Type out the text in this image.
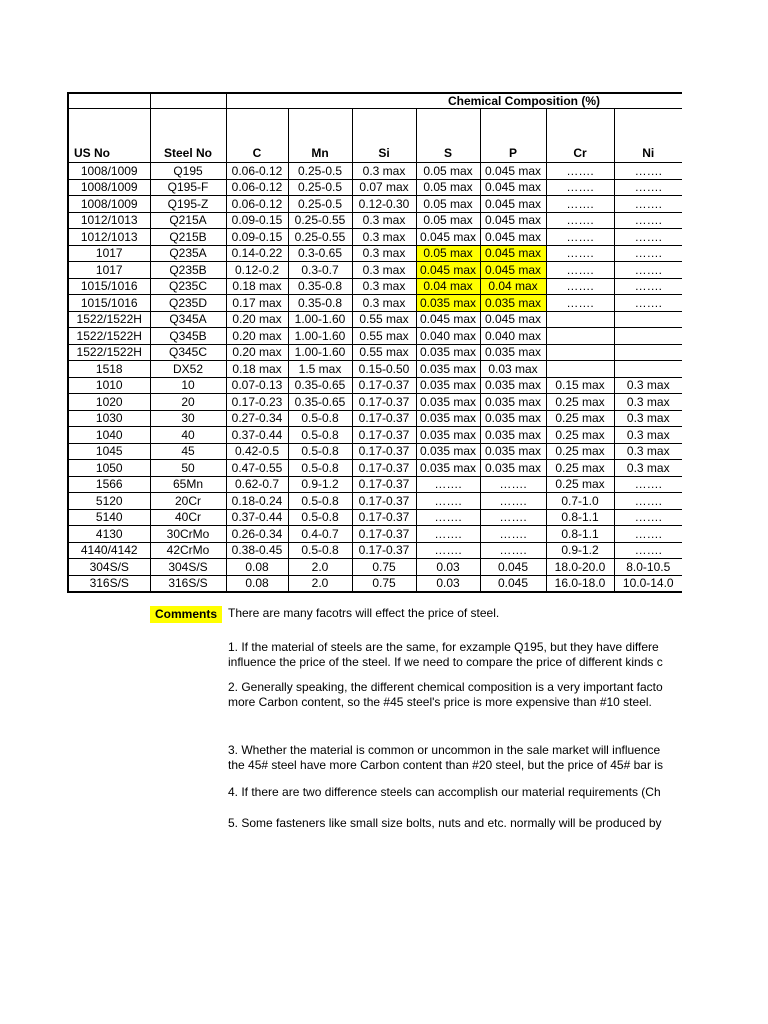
		Chemical Composition (%)						
US No	Steel No	C	Mn	Si	S	P	Cr	Ni
1008/1009	Q195	0.06-0.12	0.25-0.5	0.3 max	0.05 max	0.045 max	…….	…….
1008/1009	Q195-F	0.06-0.12	0.25-0.5	0.07 max	0.05 max	0.045 max	…….	…….
1008/1009	Q195-Z	0.06-0.12	0.25-0.5	0.12-0.30	0.05 max	0.045 max	…….	…….
1012/1013	Q215A	0.09-0.15	0.25-0.55	0.3 max	0.05 max	0.045 max	…….	…….
1012/1013	Q215B	0.09-0.15	0.25-0.55	0.3 max	0.045 max	0.045 max	…….	…….
1017	Q235A	0.14-0.22	0.3-0.65	0.3 max	0.05 max	0.045 max	…….	…….
1017	Q235B	0.12-0.2	0.3-0.7	0.3 max	0.045 max	0.045 max	…….	…….
1015/1016	Q235C	0.18 max	0.35-0.8	0.3 max	0.04 max	0.04 max	…….	…….
1015/1016	Q235D	0.17 max	0.35-0.8	0.3 max	0.035 max	0.035 max	…….	…….
1522/1522H	Q345A	0.20 max	1.00-1.60	0.55 max	0.045 max	0.045 max		
1522/1522H	Q345B	0.20 max	1.00-1.60	0.55 max	0.040 max	0.040 max		
1522/1522H	Q345C	0.20 max	1.00-1.60	0.55 max	0.035 max	0.035 max		
1518	DX52	0.18 max	1.5 max	0.15-0.50	0.035 max	0.03 max		
1010	10	0.07-0.13	0.35-0.65	0.17-0.37	0.035 max	0.035 max	0.15 max	0.3 max
1020	20	0.17-0.23	0.35-0.65	0.17-0.37	0.035 max	0.035 max	0.25 max	0.3 max
1030	30	0.27-0.34	0.5-0.8	0.17-0.37	0.035 max	0.035 max	0.25 max	0.3 max
1040	40	0.37-0.44	0.5-0.8	0.17-0.37	0.035 max	0.035 max	0.25 max	0.3 max
1045	45	0.42-0.5	0.5-0.8	0.17-0.37	0.035 max	0.035 max	0.25 max	0.3 max
1050	50	0.47-0.55	0.5-0.8	0.17-0.37	0.035 max	0.035 max	0.25 max	0.3 max
1566	65Mn	0.62-0.7	0.9-1.2	0.17-0.37	…….	…….	0.25 max	…….
5120	20Cr	0.18-0.24	0.5-0.8	0.17-0.37	…….	…….	0.7-1.0	…….
5140	40Cr	0.37-0.44	0.5-0.8	0.17-0.37	…….	…….	0.8-1.1	…….
4130	30CrMo	0.26-0.34	0.4-0.7	0.17-0.37	…….	…….	0.8-1.1	…….
4140/4142	42CrMo	0.38-0.45	0.5-0.8	0.17-0.37	…….	…….	0.9-1.2	…….
304S/S	304S/S	0.08	2.0	0.75	0.03	0.045	18.0-20.0	8.0-10.5
316S/S	316S/S	0.08	2.0	0.75	0.03	0.045	16.0-18.0	10.0-14.0
Comments There are many facotrs will effect the price of steel.
1. If the material of steels are the same, for exzample Q195, but they have differe
influence the price of the steel. If we need to compare the price of different kinds c
2. Generally speaking, the different chemical composition is a very important facto
more Carbon content, so the #45 steel's price is more expensive than #10 steel.
3. Whether the material is common or uncommon in the sale market will influence
the 45# steel have more Carbon content than #20 steel, but the price of 45# bar is
4. If there are two difference steels can accomplish our material requirements (Ch
5. Some fasteners like small size bolts, nuts and etc. normally will be produced by
